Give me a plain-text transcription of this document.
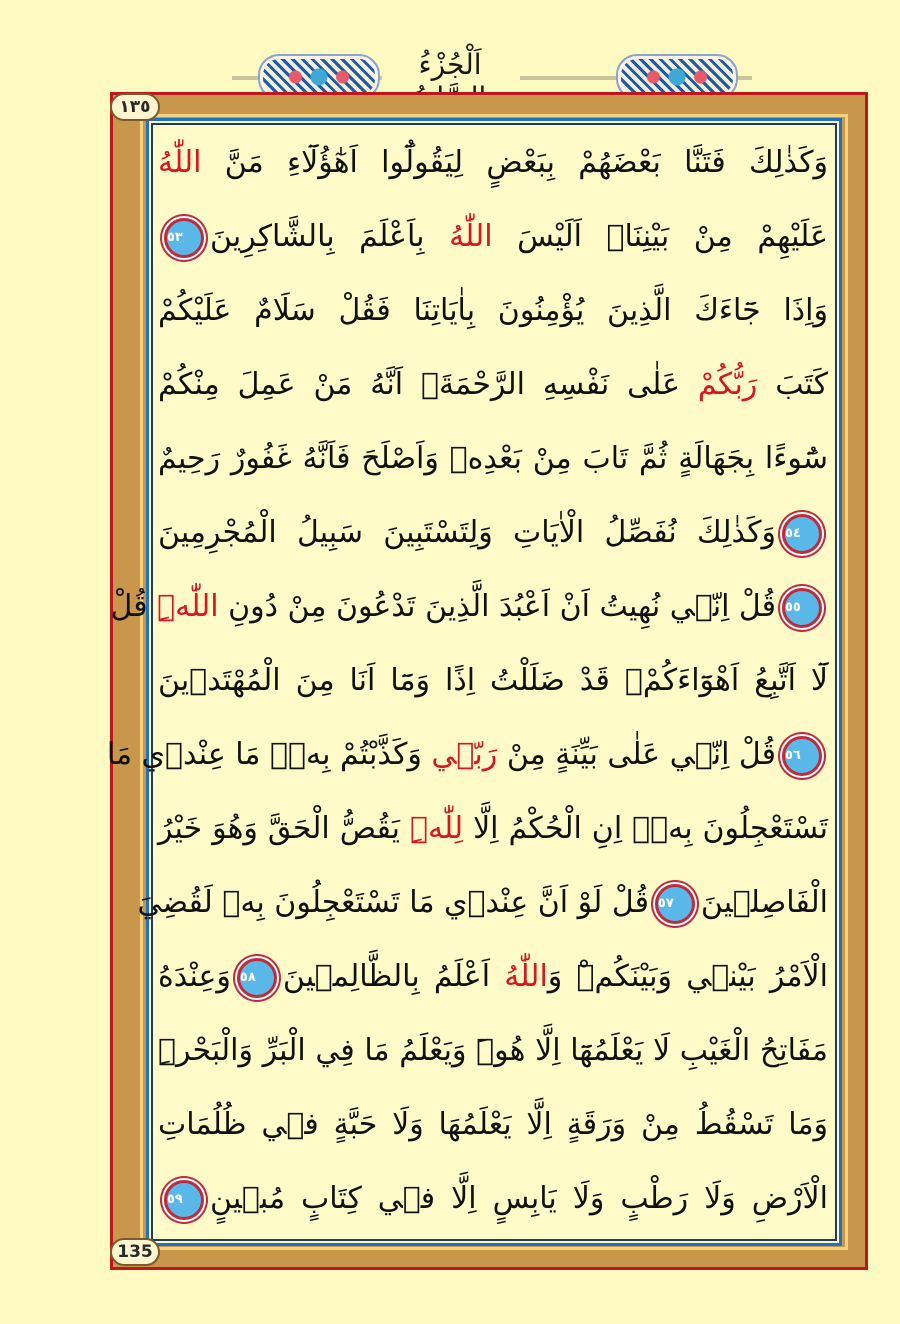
اَلْجُزْءُ
١٣٥
135
وَكَذٰلِكَ فَتَنَّا بَعْضَهُمْ بِبَعْضٍ لِيَقُولُٓوا اَهٰٓؤُلَٓاءِ مَنَّ اللّٰهُ
عَلَيْهِمْ مِنْ بَيْنِنَاۜ اَلَيْسَ اللّٰهُ بِاَعْلَمَ بِالشَّاكِرِينَ٥٣
وَاِذَا جَٓاءَكَ الَّذِينَ يُؤْمِنُونَ بِاٰيَاتِنَا فَقُلْ سَلَامٌ عَلَيْكُمْ
كَتَبَ رَبُّكُمْ عَلٰى نَفْسِهِ الرَّحْمَةَۙ اَنَّهُ مَنْ عَمِلَ مِنْكُمْ
سُٓوءًا بِجَهَالَةٍ ثُمَّ تَابَ مِنْ بَعْدِهٖ وَاَصْلَحَ فَاَنَّهُ غَفُورٌ رَحِيمٌ
٥٤وَكَذٰلِكَ نُفَصِّلُ الْاٰيَاتِ وَلِتَسْتَبِينَ سَبِيلُ الْمُجْرِمِينَ
٥٥قُلْ اِنّ۪ي نُهِيتُ اَنْ اَعْبُدَ الَّذِينَ تَدْعُونَ مِنْ دُونِ اللّٰهِۜ قُلْ
لَٓا اَتَّبِعُ اَهْوَٓاءَكُمْۙ قَدْ ضَلَلْتُ اِذًا وَمَٓا اَنَا مِنَ الْمُهْتَد۪ينَ
٥٦قُلْ اِنّ۪ي عَلٰى بَيِّنَةٍ مِنْ رَبّ۪ي وَكَذَّبْتُمْ بِه۪ۜ مَا عِنْد۪ي مَا
تَسْتَعْجِلُونَ بِه۪ۜ اِنِ الْحُكْمُ اِلَّا لِلّٰهِۜ يَقُصُّ الْحَقَّ وَهُوَ خَيْرُ
الْفَاصِل۪ينَ٥٧قُلْ لَوْ اَنَّ عِنْد۪ي مَا تَسْتَعْجِلُونَ بِه۪ لَقُضِيَ
الْاَمْرُ بَيْن۪ي وَبَيْنَكُمْۜ وَاللّٰهُ اَعْلَمُ بِالظَّالِم۪ينَ٥٨وَعِنْدَهُ
مَفَاتِحُ الْغَيْبِ لَا يَعْلَمُهَٓا اِلَّا هُوَۜ وَيَعْلَمُ مَا فِي الْبَرِّ وَالْبَحْرِۜ
وَمَا تَسْقُطُ مِنْ وَرَقَةٍ اِلَّا يَعْلَمُهَا وَلَا حَبَّةٍ ف۪ي ظُلُمَاتِ
الْاَرْضِ وَلَا رَطْبٍ وَلَا يَابِسٍ اِلَّا ف۪ي كِتَابٍ مُب۪ينٍ٥٩
